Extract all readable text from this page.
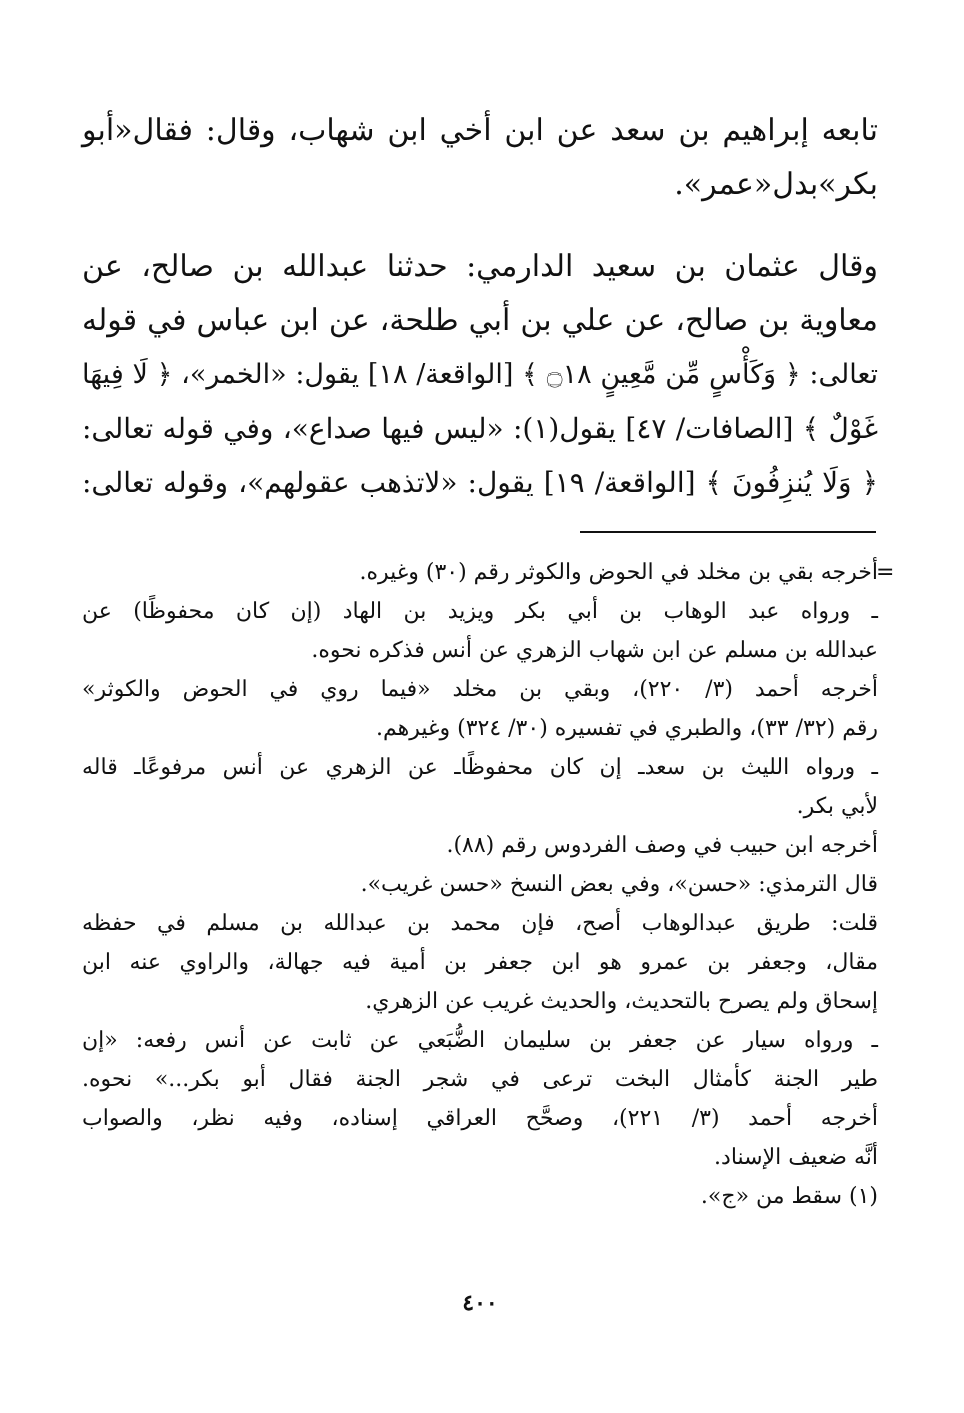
تابعه إبراهيم بن سعد عن ابن أخي ابن شهاب، وقال: فقال«أبو
بكر»بدل«عمر».
وقال عثمان بن سعيد الدارمي: حدثنا عبدالله بن صالح، عن
معاوية بن صالح، عن علي بن أبي طلحة، عن ابن عباس في قوله
تعالى: ﴿ وَكَأْسٍ مِّن مَّعِينٍ ۝١٨ ﴾ [الواقعة/ ١٨] يقول: «الخمر»، ﴿ لَا فِيهَا
غَوْلٌ ﴾ [الصافات/ ٤٧] يقول(١): «ليس فيها صداع»، وفي قوله تعالى:
﴿ وَلَا يُنزِفُونَ ﴾ [الواقعة/ ١٩] يقول: «لاتذهب عقولهم»، وقوله تعالى:
=
أخرجه بقي بن مخلد في الحوض والكوثر رقم (٣٠) وغيره.
ـ ورواه عبد الوهاب بن أبي بكر ويزيد بن الهاد (إن كان محفوظًا) عن
عبدالله بن مسلم عن ابن شهاب الزهري عن أنس فذكره نحوه.
أخرجه أحمد (٣/ ٢٢٠)، وبقي بن مخلد «فيما روي في الحوض والكوثر»
رقم (٣٢/ ٣٣)، والطبري في تفسيره (٣٠/ ٣٢٤) وغيرهم.
ـ ورواه الليث بن سعدـ إن كان محفوظًاـ عن الزهري عن أنس مرفوعًاـ قاله
لأبي بكر.
أخرجه ابن حبيب في وصف الفردوس رقم (٨٨).
قال الترمذي: «حسن»، وفي بعض النسخ «حسن غريب».
قلت: طريق عبدالوهاب أصح، فإن محمد بن عبدالله بن مسلم في حفظه
مقال، وجعفر بن عمرو هو ابن جعفر بن أمية فيه جهالة، والراوي عنه ابن
إسحاق ولم يصرح بالتحديث، والحديث غريب عن الزهري.
ـ ورواه سيار عن جعفر بن سليمان الضُّبَعي عن ثابت عن أنس رفعه: «إن
طير الجنة كأمثال البخت ترعى في شجر الجنة فقال أبو بكر...» نحوه.
أخرجه أحمد (٣/ ٢٢١)، وصحَّح العراقي إسناده، وفيه نظر، والصواب
أنَّه ضعيف الإسناد.
(١) سقط من «ج».
٤٠٠
